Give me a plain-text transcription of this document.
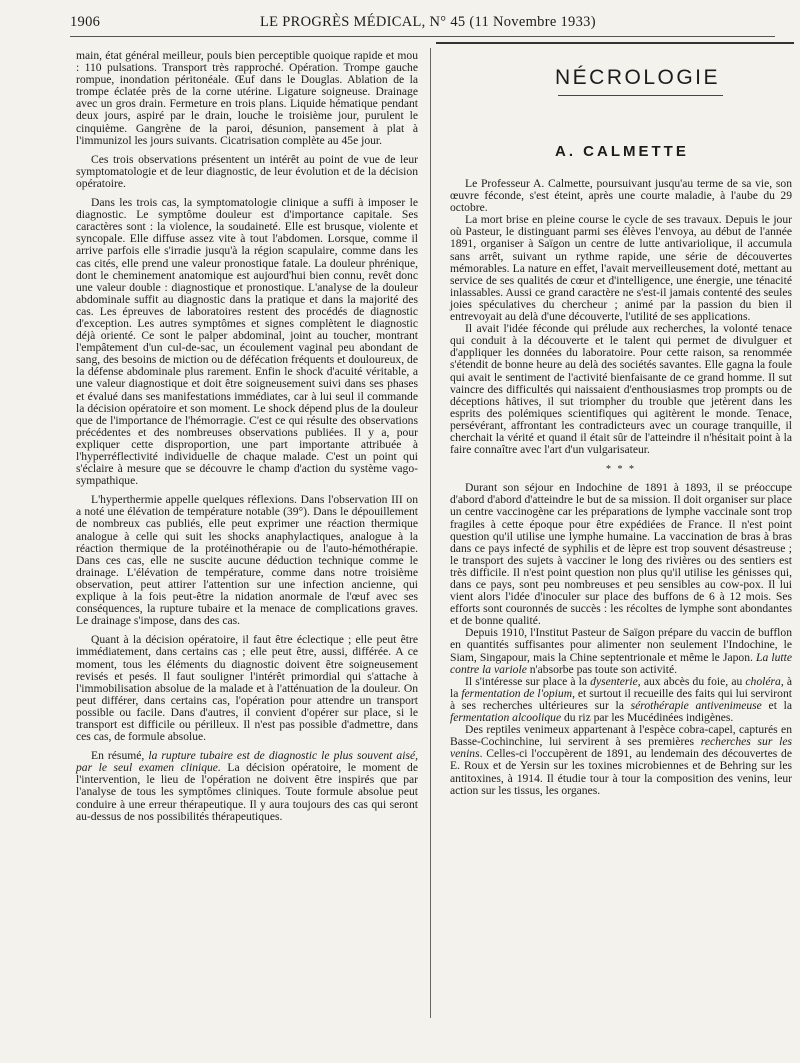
1906	LE PROGRÈS MÉDICAL, N° 45 (11 Novembre 1933)

main, état général meilleur, pouls bien perceptible quoique rapide et mou : 110 pulsations. Transport très rapproché. Opération. Trompe gauche rompue, inondation péritonéale. Œuf dans le Douglas. Ablation de la trompe éclatée près de la corne utérine. Ligature soigneuse. Drainage avec un gros drain. Fermeture en trois plans. Liquide hématique pendant deux jours, aspiré par le drain, louche le troisième jour, purulent le cinquième. Gangrène de la paroi, désunion, pansement à plat à l'immunizol les jours suivants. Cicatrisation complète au 45e jour.

Ces trois observations présentent un intérêt au point de vue de leur symptomatologie et de leur diagnostic, de leur évolution et de la décision opératoire.

Dans les trois cas, la symptomatologie clinique a suffi à imposer le diagnostic. Le symptôme douleur est d'importance capitale. Ses caractères sont : la violence, la soudaineté. Elle est brusque, violente et syncopale. Elle diffuse assez vite à tout l'abdomen. Lorsque, comme il arrive parfois elle s'irradie jusqu'à la région scapulaire, comme dans les cas cités, elle prend une valeur pronostique fatale. La douleur phrénique, dont le cheminement anatomique est aujourd'hui bien connu, revêt donc une valeur double : diagnostique et pronostique. L'analyse de la douleur abdominale suffit au diagnostic dans la pratique et dans la majorité des cas. Les épreuves de laboratoires restent des procédés de diagnostic d'exception. Les autres symptômes et signes complètent le diagnostic déjà orienté. Ce sont le palper abdominal, joint au toucher, montrant l'empâtement d'un cul-de-sac, un écoulement vaginal peu abondant de sang, des besoins de miction ou de défécation fréquents et douloureux, de la défense abdominale plus rarement. Enfin le shock d'acuité véritable, a une valeur diagnostique et doit être soigneusement suivi dans ses phases et évalué dans ses manifestations immédiates, car à lui seul il commande la décision opératoire et son moment. Le shock dépend plus de la douleur que de l'importance de l'hémorragie. C'est ce qui résulte des observations précédentes et des nombreuses observations publiées. Il y a, pour expliquer cette disproportion, une part importante attribuée à l'hyperréflectivité individuelle de chaque malade. C'est un point qui s'éclaire à mesure que se découvre le champ d'action du système vago-sympathique.

L'hyperthermie appelle quelques réflexions. Dans l'observation III on a noté une élévation de température notable (39°). Dans le dépouillement de nombreux cas publiés, elle peut exprimer une réaction thermique analogue à celle qui suit les shocks anaphylactiques, analogue à la réaction thermique de la protéinothérapie ou de l'auto-hémothérapie. Dans ces cas, elle ne suscite aucune déduction technique comme le drainage. L'élévation de température, comme dans notre troisième observation, peut attirer l'attention sur une infection ancienne, qui explique à la fois peut-être la nidation anormale de l'œuf avec ses conséquences, la rupture tubaire et la menace de complications graves. Le drainage s'impose, dans des cas.

Quant à la décision opératoire, il faut être éclectique ; elle peut être immédiatement, dans certains cas ; elle peut être, aussi, différée. A ce moment, tous les éléments du diagnostic doivent être soigneusement revisés et pesés. Il faut souligner l'intérêt primordial qui s'attache à l'immobilisation absolue de la malade et à l'atténuation de la douleur. On peut différer, dans certains cas, l'opération pour attendre un transport possible ou facile. Dans d'autres, il convient d'opérer sur place, si le transport est difficile ou périlleux. Il n'est pas possible d'admettre, dans ces cas, de formule absolue.

En résumé, la rupture tubaire est de diagnostic le plus souvent aisé, par le seul examen clinique. La décision opératoire, le moment de l'intervention, le lieu de l'opération ne doivent être inspirés que par l'analyse de tous les symptômes cliniques. Toute formule absolue peut conduire à une erreur thérapeutique. Il y aura toujours des cas qui seront au-dessus de nos possibilités thérapeutiques.

NÉCROLOGIE
A. CALMETTE

Le Professeur A. Calmette, poursuivant jusqu'au terme de sa vie, son œuvre féconde, s'est éteint, après une courte maladie, à l'aube du 29 octobre.

La mort brise en pleine course le cycle de ses travaux. Depuis le jour où Pasteur, le distinguant parmi ses élèves l'envoya, au début de l'année 1891, organiser à Saïgon un centre de lutte antivariolique, il accumula sans arrêt, suivant un rythme rapide, une série de découvertes mémorables. La nature en effet, l'avait merveilleusement doté, mettant au service de ses qualités de cœur et d'intelligence, une énergie, une ténacité inlassables. Aussi ce grand caractère ne s'est-il jamais contenté des seules joies spéculatives du chercheur ; animé par la passion du bien il entrevoyait au delà d'une découverte, l'utilité de ses applications.

Il avait l'idée féconde qui prélude aux recherches, la volonté tenace qui conduit à la découverte et le talent qui permet de divulguer et d'appliquer les données du laboratoire. Pour cette raison, sa renommée s'étendit de bonne heure au delà des sociétés savantes. Elle gagna la foule qui avait le sentiment de l'activité bienfaisante de ce grand homme. Il sut vaincre des difficultés qui naissaient d'enthousiasmes trop prompts ou de déceptions hâtives, il sut triompher du trouble que jetèrent dans les esprits des polémiques scientifiques qui agitèrent le monde. Tenace, persévérant, affrontant les contradicteurs avec un courage tranquille, il cherchait la vérité et quand il était sûr de l'atteindre il n'hésitait point à la faire connaître avec l'art d'un vulgarisateur.

* * *

Durant son séjour en Indochine de 1891 à 1893, il se préoccupe d'abord d'abord d'atteindre le but de sa mission. Il doit organiser sur place un centre vaccinogène car les préparations de lymphe vaccinale sont trop fragiles à cette époque pour être expédiées de France. Il n'est point question qu'il utilise une lymphe humaine. La vaccination de bras à bras dans ce pays infecté de syphilis et de lèpre est trop souvent désastreuse ; le transport des sujets à vacciner le long des rivières ou des sentiers est très difficile. Il n'est point question non plus qu'il utilise les génisses qui, dans ce pays, sont peu nombreuses et peu sensibles au cow-pox. Il lui vient alors l'idée d'inoculer sur place des buffons de 6 à 12 mois. Ses efforts sont couronnés de succès : les récoltes de lymphe sont abondantes et de bonne qualité.

Depuis 1910, l'Institut Pasteur de Saïgon prépare du vaccin de bufflon en quantités suffisantes pour alimenter non seulement l'Indochine, le Siam, Singapour, mais la Chine septentrionale et même le Japon. La lutte contre la variole n'absorbe pas toute son activité.

Il s'intéresse sur place à la dysenterie, aux abcès du foie, au choléra, à la fermentation de l'opium, et surtout il recueille des faits qui lui serviront à ses recherches ultérieures sur la sérothérapie antivenimeuse et la fermentation alcoolique du riz par les Mucédinées indigènes.

Des reptiles venimeux appartenant à l'espèce cobra-capel, capturés en Basse-Cochinchine, lui servirent à ses premières recherches sur les venins. Celles-ci l'occupèrent de 1891, au lendemain des découvertes de E. Roux et de Yersin sur les toxines microbiennes et de Behring sur les antitoxines, à 1914. Il étudie tour à tour la composition des venins, leur action sur les tissus, les organes.
